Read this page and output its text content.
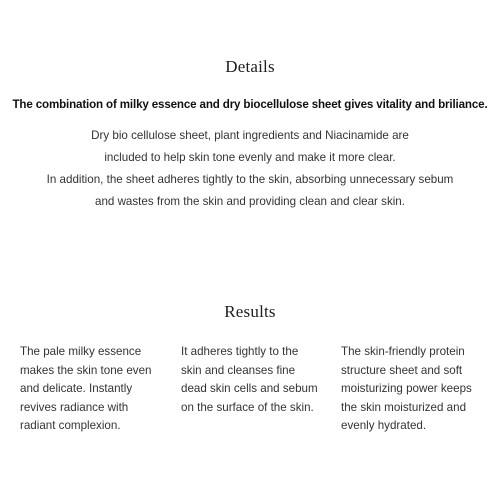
Details
The combination of milky essence and dry biocellulose sheet gives vitality and briliance.
Dry bio cellulose sheet, plant ingredients and Niacinamide are
included to help skin tone evenly and make it more clear.
In addition, the sheet adheres tightly to the skin, absorbing unnecessary sebum
and wastes from the skin and providing clean and clear skin.
Results
The pale milky essence
makes the skin tone even
and delicate. Instantly
revives radiance with
radiant complexion.
It adheres tightly to the
skin and cleanses fine
dead skin cells and sebum
on the surface of the skin.
The skin-friendly protein
structure sheet and soft
moisturizing power keeps
the skin moisturized and
evenly hydrated.
